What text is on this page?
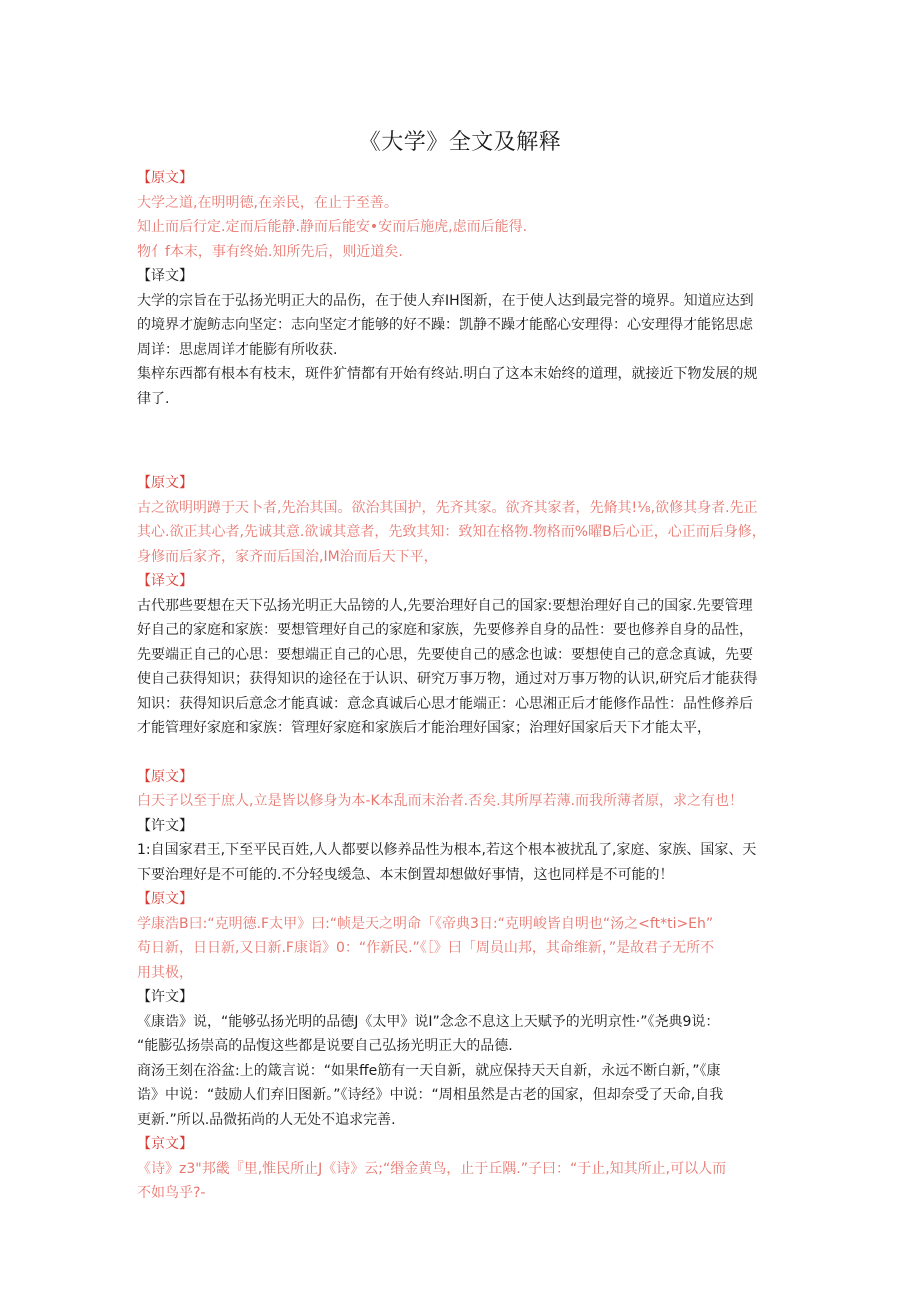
《大学》全文及解释
【原文】
大学之道,在明明德,在亲民，在止于至善。
知止而后行定.定而后能静.静而后能安•安而后施虎,虑而后能得.
物亻f本末，事有终始.知所先后，则近道矣.
【译文】
大学的宗旨在于弘扬光明正大的品伤，在于使人弃IH图新，在于使人达到最完誉的境界。知道应达到
的境界才旎鲂志向坚定：志向坚定才能够的好不躁：凯静不躁才能酩心安理得：心安理得才能铭思虑
周详：思虑周详才能膨有所收获.
集梓东西都有根本有枝末，斑件犷情都有开始有终站.明白了这本末始终的道理，就接近下物发展的规
律了.
【原文】
古之欲明明蹲于天卜者,先治其国。欲治其国护，先齐其家。欲齐其家者，先脩其!⅛,欲修其身者.先正
其心.欲正其心者,先诚其意.欲诚其意者，先致其知：致知在格物.物格而%曜B后心正，心正而后身修，
身修而后家齐，家齐而后国治,IM治而后天下平，
【译文】
古代那些要想在天下弘扬光明正大品镑的人,先要治理好自己的国家:要想治理好自己的国家.先要管理
好自己的家庭和家族：要想管理好自己的家庭和家族，先要修养自身的品性：要也修养自身的品性，
先要端正自己的心思：要想端正自己的心思，先要使自己的感念也诚：要想使自己的意念真诚，先要
使自己获得知识；获得知识的途径在于认识、研究万事万物，通过对万事万物的认识,研究后才能获得
知识：获得知识后意念才能真诚：意念真诚后心思才能端正：心思湘正后才能修作品性：品性修养后
才能管理好家庭和家族：管理好家庭和家族后才能治理好国家；治理好国家后天下才能太平，
【原文】
白天子以至于庶人,立是皆以修身为本-K本乱而末治者.否矣.其所厚若薄.而我所薄者原，求之有也！
【许文】
1:自国家君王,下至平民百姓,人人都要以修养品性为根本,若这个根本被扰乱了,家庭、家族、国家、天
下要治理好是不可能的.不分轻曳缓急、本末倒置却想做好事情，这也同样是不可能的！
【原文】
学康浩B曰:“克明德.F太甲》曰:“帧是天之明命「《帝典3日:“克明峻皆自明也“汤之<ft*ti>Eh”
苟日新，日日新,又日新.F康诣》0：“作新民.”《［》曰「周员山邦，其命维新，”是故君子无所不
用其极，
【许文】
《康诰》说，“能够弘扬光明的品德J《太甲》说I”念念不息这上天赋予的光明京性·”《尧典9说：
“能膨弘扬崇高的品愎这些都是说要自己弘扬光明正大的品德.
商汤王刻在浴盆:上的箴言说：“如果ffe筋有一天自新，就应保持天天自新，永远不断白新，”《康
诰》中说：“鼓励人们弃旧图新。”《诗经》中说：“周相虽然是古老的国家，但却奈受了天命,自我
更新.”所以.品微拓尚的人无处不追求完善.
【京文】
《诗》z3"邦畿『里,惟民所止J《诗》云;“缗金黄鸟，止于丘隅.”子曰：“于止,知其所止,可以人而
不如鸟乎?-
